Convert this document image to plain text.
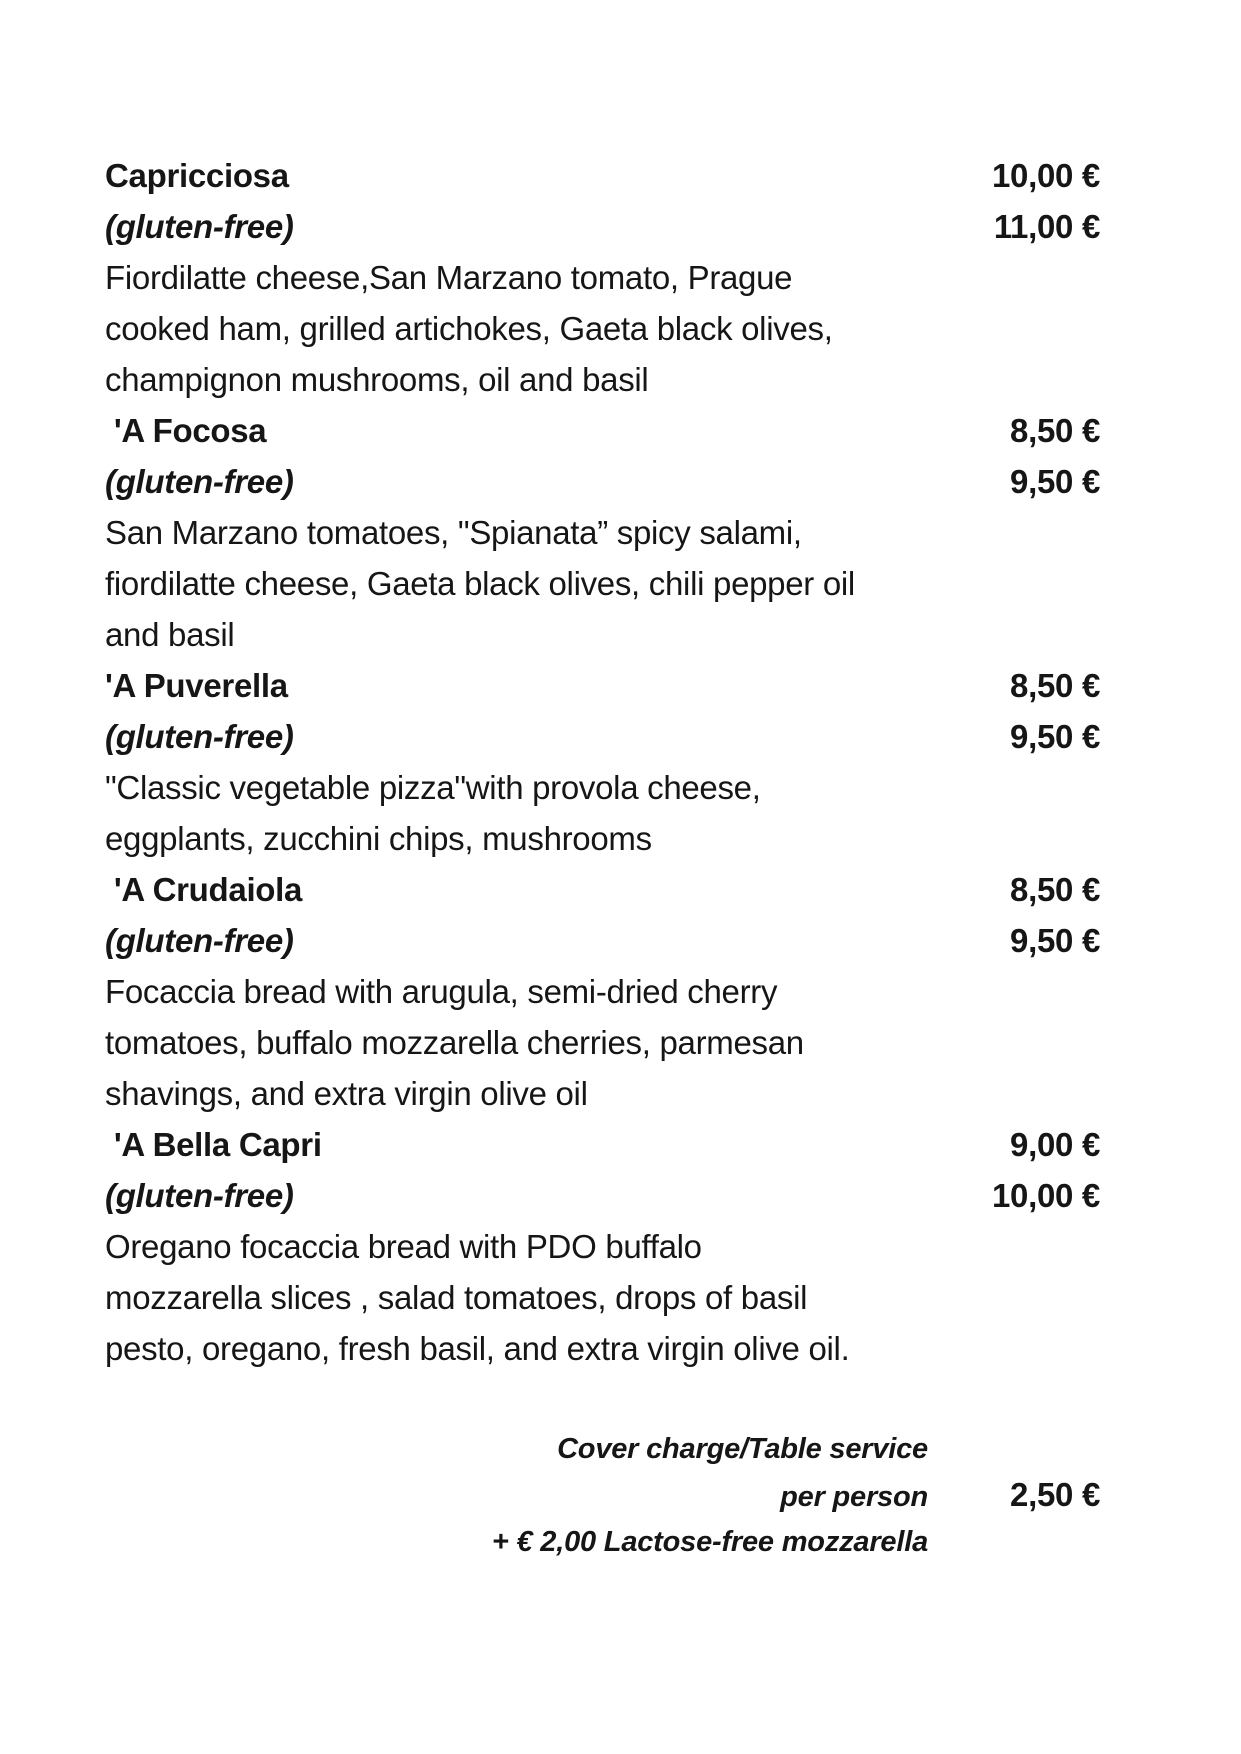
Capricciosa	10,00 €
(gluten-free)	11,00 €

Fiordilatte cheese,San Marzano tomato, Prague cooked ham, grilled artichokes, Gaeta black olives, champignon mushrooms, oil and basil

'A Focosa	8,50 €
(gluten-free)	9,50 €

San Marzano tomatoes, "Spianata” spicy salami, fiordilatte cheese, Gaeta black olives, chili pepper oil and basil

'A Puverella	8,50 €
(gluten-free)	9,50 €

"Classic vegetable pizza"with provola cheese, eggplants, zucchini chips, mushrooms

'A Crudaiola	8,50 €
(gluten-free)	9,50 €

Focaccia bread with arugula, semi-dried cherry tomatoes, buffalo mozzarella cherries, parmesan shavings, and extra virgin olive oil

'A Bella Capri	9,00 €
(gluten-free)	10,00 €

Oregano focaccia bread with PDO buffalo mozzarella slices , salad tomatoes, drops of basil pesto, oregano, fresh basil, and extra virgin olive oil.

Cover charge/Table service
per person	2,50 €
+ € 2,00 Lactose-free mozzarella
